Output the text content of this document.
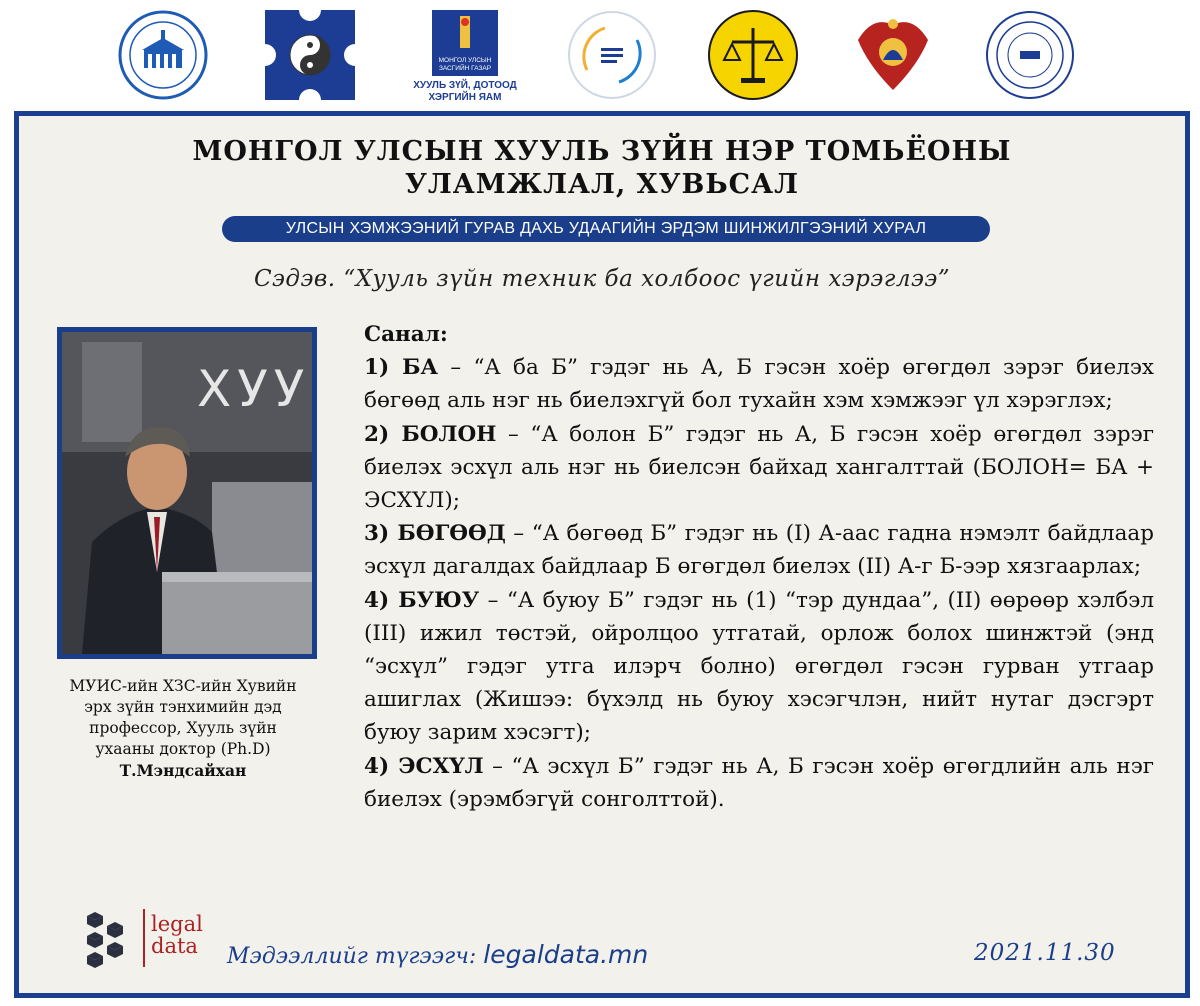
МОНГОЛ УЛСЫН ЗАСГИЙН ГАЗАР
ХУУЛЬ ЗҮЙ, ДОТООД ХЭРГИЙН ЯАМ
МОНГОЛ УЛСЫН ХУУЛЬ ЗҮЙН НЭР ТОМЬЁОНЫ
УЛАМЖЛАЛ, ХУВЬСАЛ
УЛСЫН ХЭМЖЭЭНИЙ ГУРАВ ДАХЬ УДААГИЙН ЭРДЭМ ШИНЖИЛГЭЭНИЙ ХУРАЛ
Сэдэв. “Хууль зүйн техник ба холбоос үгийн хэрэглээ”
ХУУ
МУИС-ийн ХЗС-ийн Хувийн
эрх зүйн тэнхимийн дэд
профессор, Хууль зүйн
ухааны доктор (Ph.D)
Т.Мэндсайхан

Санал:

1) БА – “А ба Б” гэдэг нь А, Б гэсэн хоёр өгөгдөл зэрэг биелэх бөгөөд аль нэг нь биелэхгүй бол тухайн хэм хэмжээг үл хэрэглэх;

2) БОЛОН – “А болон Б” гэдэг нь А, Б гэсэн хоёр өгөгдөл зэрэг биелэх эсхүл аль нэг нь биелсэн байхад хангалттай (БОЛОН= БА + ЭСХҮЛ);

3) БӨГӨӨД – “А бөгөөд Б” гэдэг нь (I) А-аас гадна нэмэлт байдлаар эсхүл дагалдах байдлаар Б өгөгдөл биелэх (II) А-г Б-ээр хязгаарлах;

4) БУЮУ – “А буюу Б” гэдэг нь (1) “тэр дундаа”, (II) өөрөөр хэлбэл (III) ижил төстэй, ойролцоо утгатай, орлож болох шинжтэй (энд “эсхүл” гэдэг утга илэрч болно) өгөгдөл гэсэн гурван утгаар ашиглах (Жишээ: бүхэлд нь буюу хэсэгчлэн, нийт нутаг дэсгэрт буюу зарим хэсэгт);

4) ЭСХҮЛ – “А эсхүл Б” гэдэг нь А, Б гэсэн хоёр өгөгдлийн аль нэг биелэх (эрэмбэгүй сонголттой).

legal
data Мэдээллийг түгээгч: legaldata.mn	2021.11.30
